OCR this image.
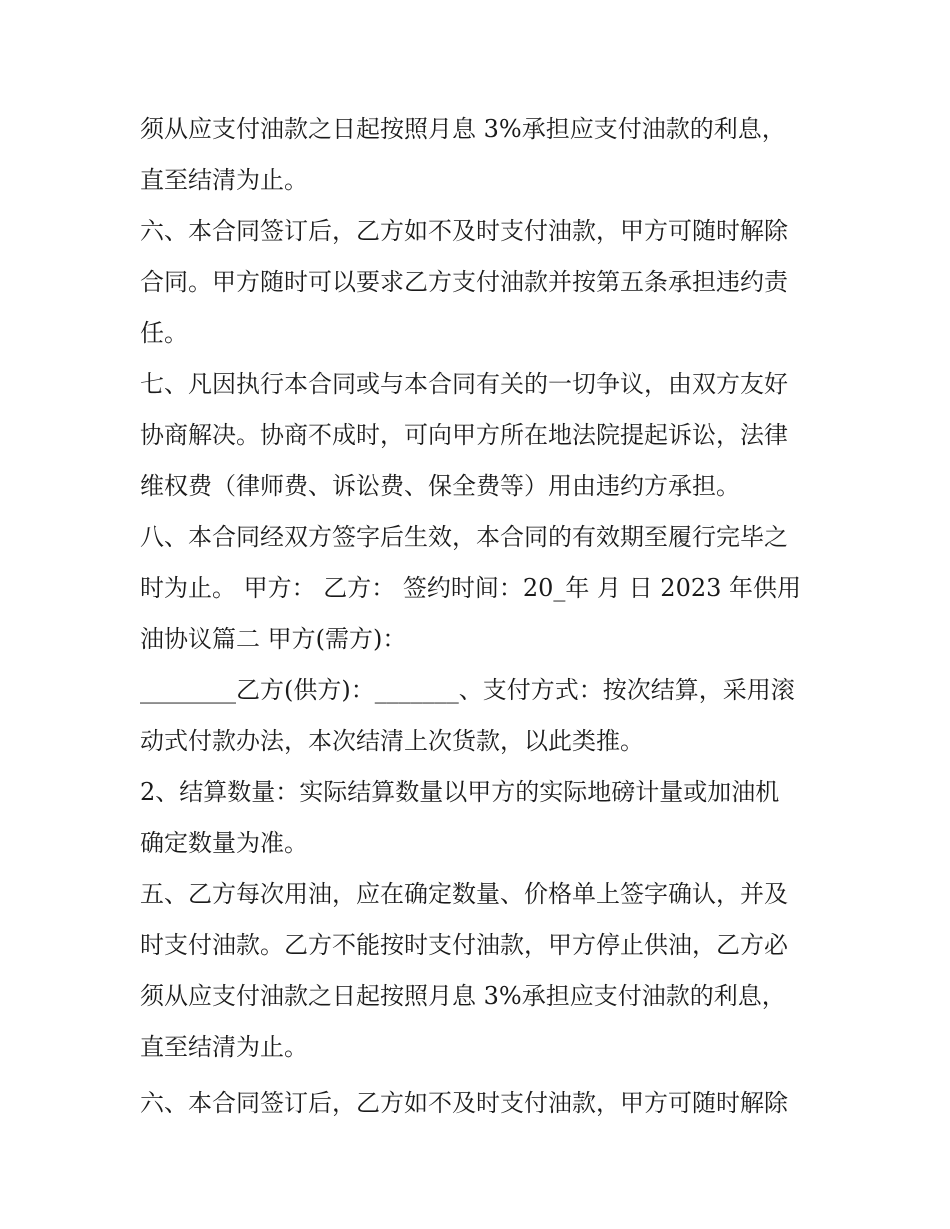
须从应支付油款之日起按照月息 3%承担应支付油款的利息，
直至结清为止。
六、本合同签订后，乙方如不及时支付油款，甲方可随时解除
合同。甲方随时可以要求乙方支付油款并按第五条承担违约责
任。
七、凡因执行本合同或与本合同有关的一切争议，由双方友好
协商解决。协商不成时，可向甲方所在地法院提起诉讼，法律
维权费（律师费、诉讼费、保全费等）用由违约方承担。
八、本合同经双方签字后生效，本合同的有效期至履行完毕之
时为止。 甲方： 乙方： 签约时间：20_年 月 日 2023 年供用
油协议篇二 甲方(需方)：
________乙方(供方)：_______、支付方式：按次结算，采用滚
动式付款办法，本次结清上次货款，以此类推。
2、结算数量：实际结算数量以甲方的实际地磅计量或加油机
确定数量为准。
五、乙方每次用油，应在确定数量、价格单上签字确认，并及
时支付油款。乙方不能按时支付油款，甲方停止供油，乙方必
须从应支付油款之日起按照月息 3%承担应支付油款的利息，
直至结清为止。
六、本合同签订后，乙方如不及时支付油款，甲方可随时解除
